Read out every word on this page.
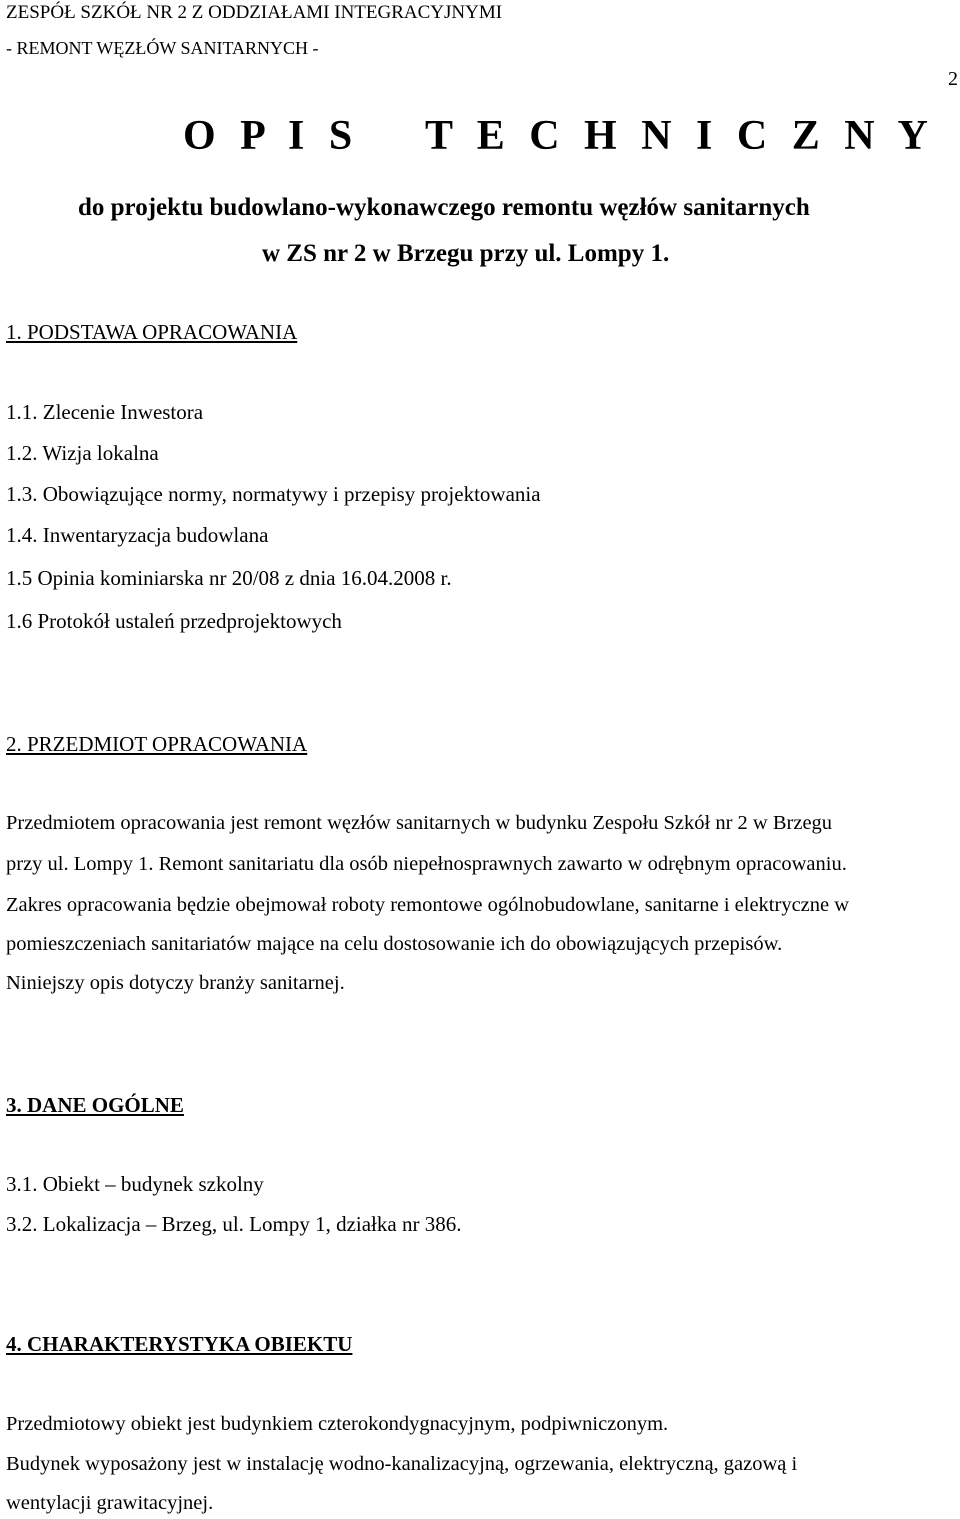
ZESPÓŁ SZKÓŁ NR 2 Z ODDZIAŁAMI INTEGRACYJNYMI
- REMONT WĘZŁÓW SANITARNYCH -
2
O P I S   T E C H N I C Z N Y
do projektu budowlano-wykonawczego remontu węzłów sanitarnych
w ZS nr 2 w Brzegu przy ul. Lompy 1.
1. PODSTAWA OPRACOWANIA
1.1. Zlecenie Inwestora
1.2. Wizja lokalna
1.3. Obowiązujące normy, normatywy i przepisy projektowania
1.4. Inwentaryzacja budowlana
1.5 Opinia kominiarska nr 20/08 z dnia 16.04.2008 r.
1.6 Protokół ustaleń przedprojektowych
2. PRZEDMIOT OPRACOWANIA
Przedmiotem opracowania jest remont węzłów sanitarnych w budynku Zespołu Szkół nr 2 w Brzegu
przy ul. Lompy 1. Remont sanitariatu dla osób niepełnosprawnych zawarto w odrębnym opracowaniu.
Zakres opracowania będzie obejmował roboty remontowe ogólnobudowlane, sanitarne i elektryczne w
pomieszczeniach sanitariatów mające na celu dostosowanie ich do obowiązujących przepisów.
Niniejszy opis dotyczy branży sanitarnej.
3. DANE OGÓLNE
3.1. Obiekt – budynek szkolny
3.2. Lokalizacja – Brzeg, ul. Lompy 1, działka nr 386.
4. CHARAKTERYSTYKA OBIEKTU
Przedmiotowy obiekt jest budynkiem czterokondygnacyjnym, podpiwniczonym.
Budynek wyposażony jest w instalację wodno-kanalizacyjną, ogrzewania, elektryczną, gazową i
wentylacji grawitacyjnej.
